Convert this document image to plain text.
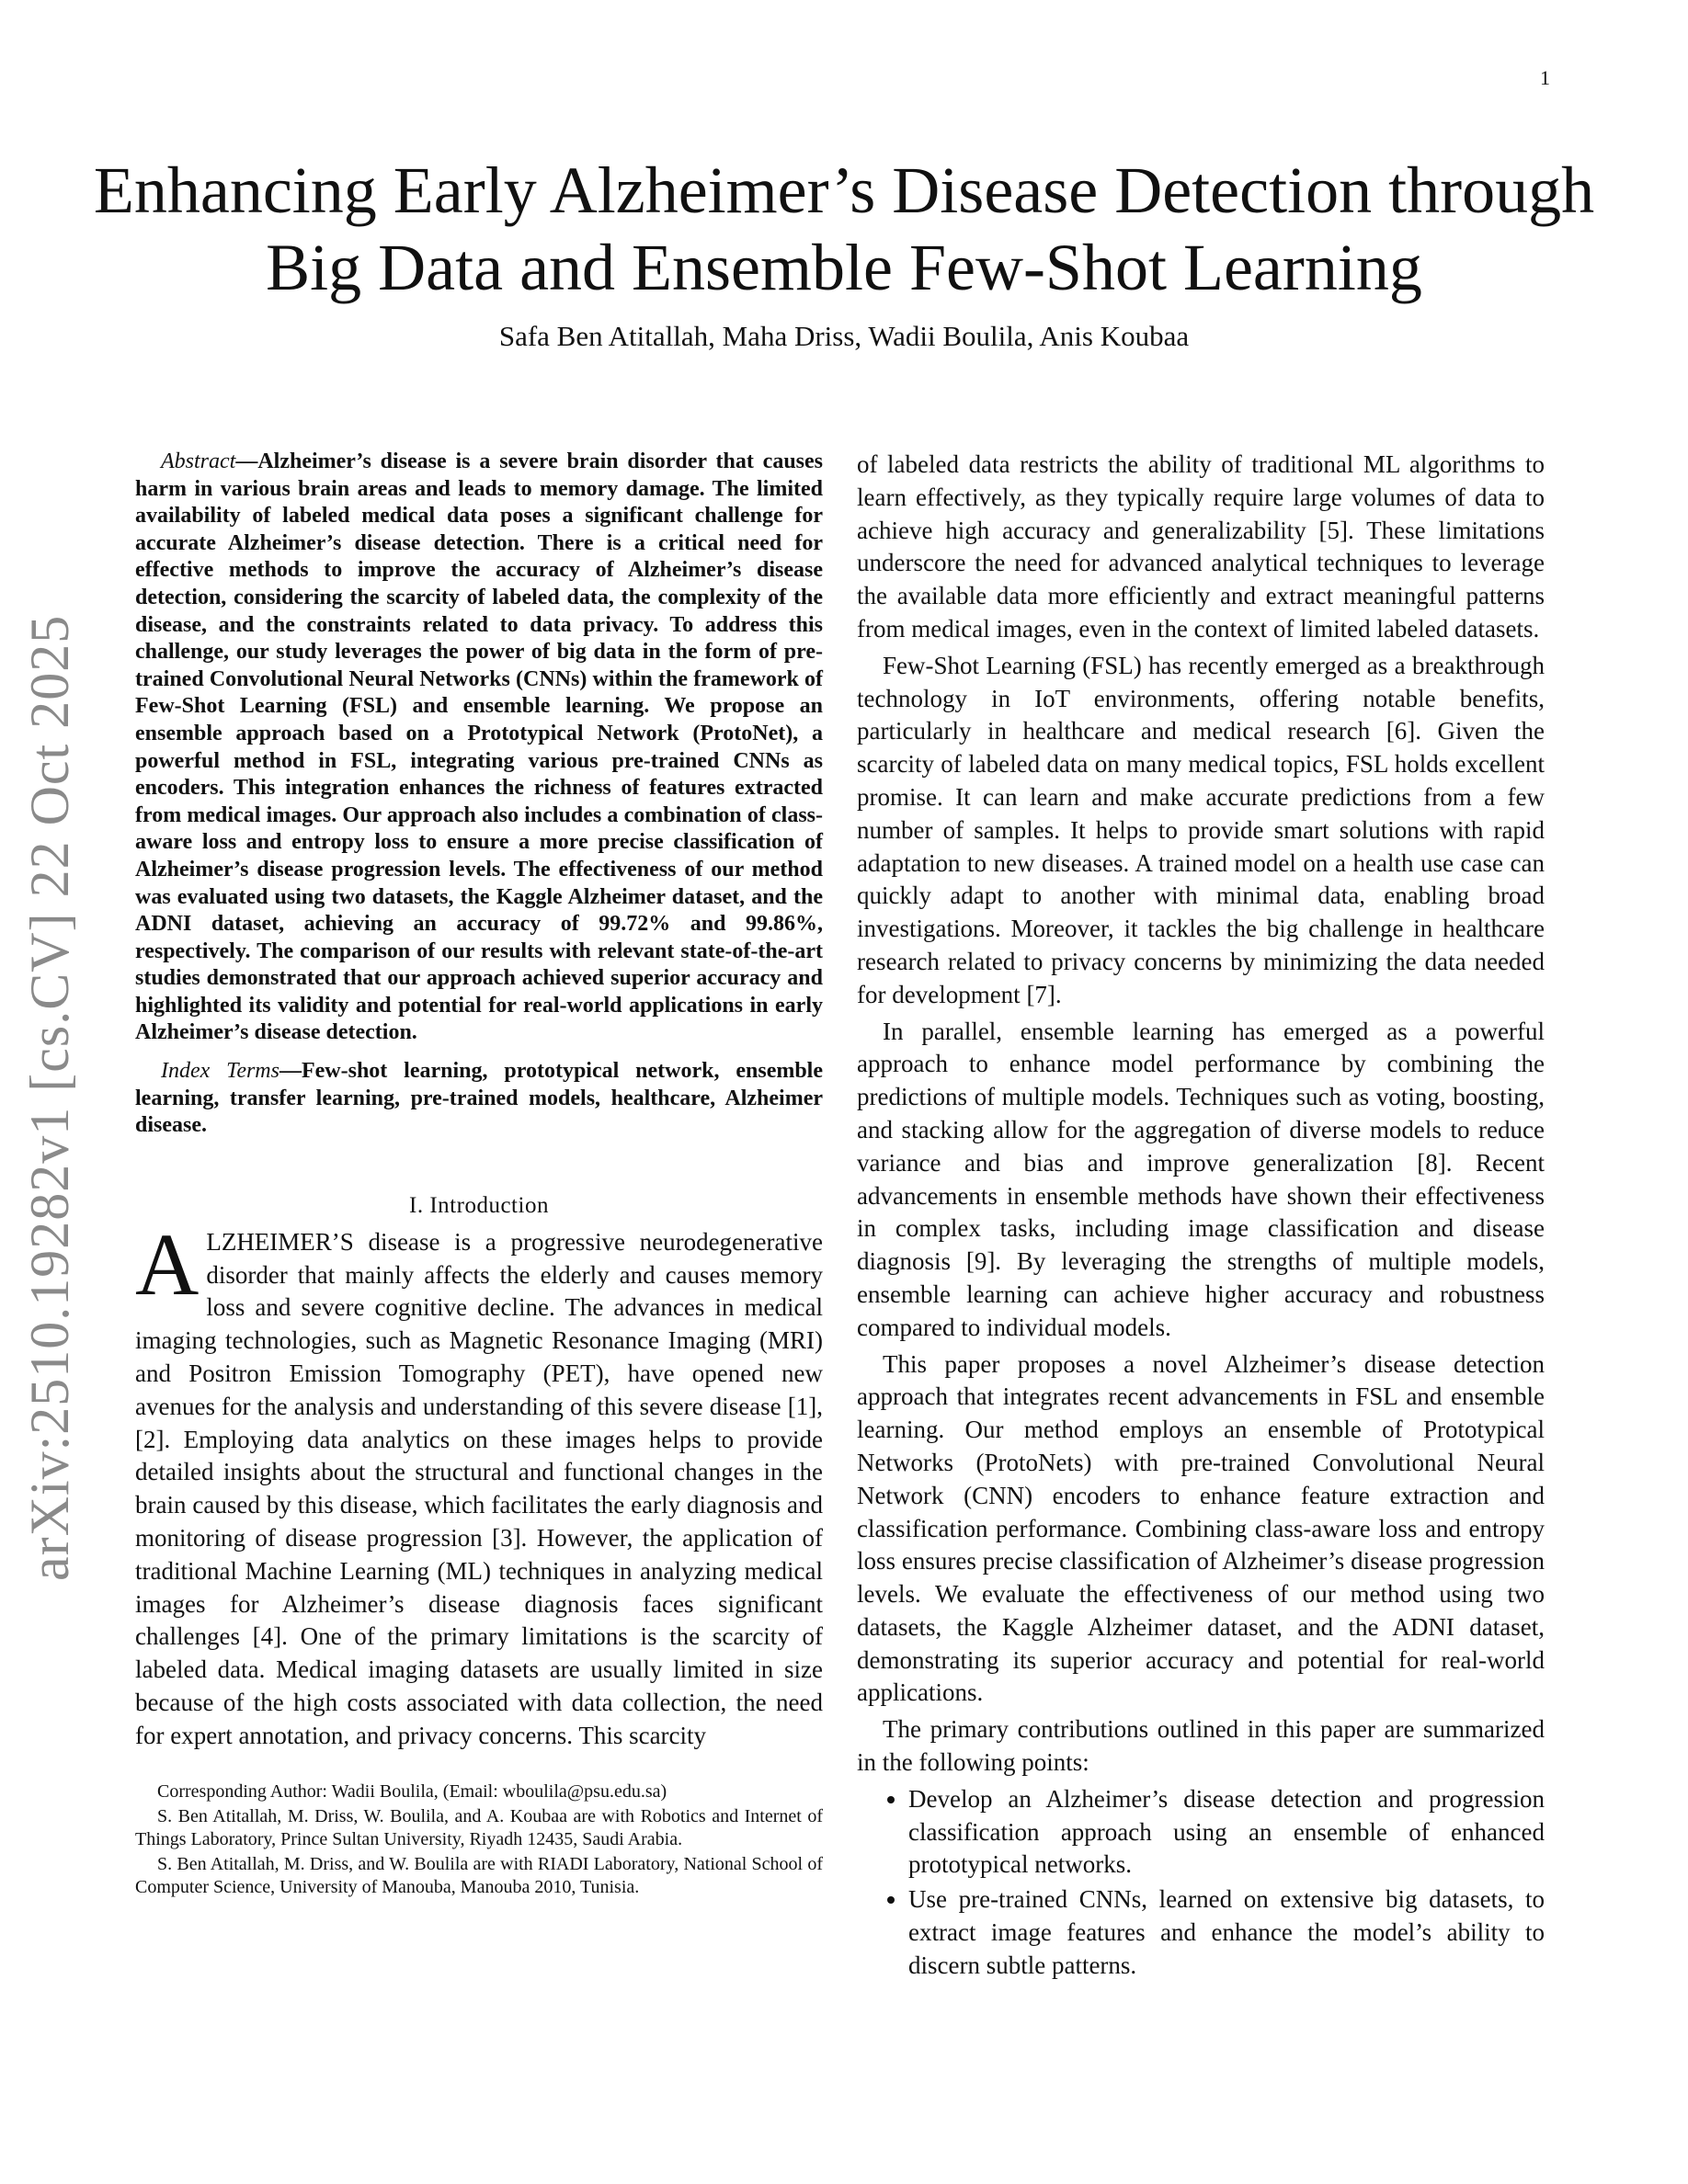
1
arXiv:2510.19282v1 [cs.CV] 22 Oct 2025
Enhancing Early Alzheimer’s Disease Detection through Big Data and Ensemble Few-Shot Learning
Safa Ben Atitallah, Maha Driss, Wadii Boulila, Anis Koubaa

Abstract—Alzheimer’s disease is a severe brain disorder that causes harm in various brain areas and leads to memory damage. The limited availability of labeled medical data poses a significant challenge for accurate Alzheimer’s disease detection. There is a critical need for effective methods to improve the accuracy of Alzheimer’s disease detection, considering the scarcity of labeled data, the complexity of the disease, and the constraints related to data privacy. To address this challenge, our study leverages the power of big data in the form of pre-trained Convolutional Neural Networks (CNNs) within the framework of Few-Shot Learning (FSL) and ensemble learning. We propose an ensemble approach based on a Prototypical Network (ProtoNet), a powerful method in FSL, integrating various pre-trained CNNs as encoders. This integration enhances the richness of features extracted from medical images. Our approach also includes a combination of class-aware loss and entropy loss to ensure a more precise classification of Alzheimer’s disease progression levels. The effectiveness of our method was evaluated using two datasets, the Kaggle Alzheimer dataset, and the ADNI dataset, achieving an accuracy of 99.72% and 99.86%, respectively. The comparison of our results with relevant state-of-the-art studies demonstrated that our approach achieved superior accuracy and highlighted its validity and potential for real-world applications in early Alzheimer’s disease detection.

Index Terms—Few-shot learning, prototypical network, ensemble learning, transfer learning, pre-trained models, healthcare, Alzheimer disease.

I. Introduction

ALZHEIMER’S disease is a progressive neurodegenerative disorder that mainly affects the elderly and causes memory loss and severe cognitive decline. The advances in medical imaging technologies, such as Magnetic Resonance Imaging (MRI) and Positron Emission Tomography (PET), have opened new avenues for the analysis and understanding of this severe disease [1], [2]. Employing data analytics on these images helps to provide detailed insights about the structural and functional changes in the brain caused by this disease, which facilitates the early diagnosis and monitoring of disease progression [3]. However, the application of traditional Machine Learning (ML) techniques in analyzing medical images for Alzheimer’s disease diagnosis faces significant challenges [4]. One of the primary limitations is the scarcity of labeled data. Medical imaging datasets are usually limited in size because of the high costs associated with data collection, the need for expert annotation, and privacy concerns. This scarcity

Corresponding Author: Wadii Boulila, (Email: wboulila@psu.edu.sa)

S. Ben Atitallah, M. Driss, W. Boulila, and A. Koubaa are with Robotics and Internet of Things Laboratory, Prince Sultan University, Riyadh 12435, Saudi Arabia.

S. Ben Atitallah, M. Driss, and W. Boulila are with RIADI Laboratory, National School of Computer Science, University of Manouba, Manouba 2010, Tunisia.

of labeled data restricts the ability of traditional ML algorithms to learn effectively, as they typically require large volumes of data to achieve high accuracy and generalizability [5]. These limitations underscore the need for advanced analytical techniques to leverage the available data more efficiently and extract meaningful patterns from medical images, even in the context of limited labeled datasets.

Few-Shot Learning (FSL) has recently emerged as a breakthrough technology in IoT environments, offering notable benefits, particularly in healthcare and medical research [6]. Given the scarcity of labeled data on many medical topics, FSL holds excellent promise. It can learn and make accurate predictions from a few number of samples. It helps to provide smart solutions with rapid adaptation to new diseases. A trained model on a health use case can quickly adapt to another with minimal data, enabling broad investigations. Moreover, it tackles the big challenge in healthcare research related to privacy concerns by minimizing the data needed for development [7].

In parallel, ensemble learning has emerged as a powerful approach to enhance model performance by combining the predictions of multiple models. Techniques such as voting, boosting, and stacking allow for the aggregation of diverse models to reduce variance and bias and improve generalization [8]. Recent advancements in ensemble methods have shown their effectiveness in complex tasks, including image classification and disease diagnosis [9]. By leveraging the strengths of multiple models, ensemble learning can achieve higher accuracy and robustness compared to individual models.

This paper proposes a novel Alzheimer’s disease detection approach that integrates recent advancements in FSL and ensemble learning. Our method employs an ensemble of Prototypical Networks (ProtoNets) with pre-trained Convolutional Neural Network (CNN) encoders to enhance feature extraction and classification performance. Combining class-aware loss and entropy loss ensures precise classification of Alzheimer’s disease progression levels. We evaluate the effectiveness of our method using two datasets, the Kaggle Alzheimer dataset, and the ADNI dataset, demonstrating its superior accuracy and potential for real-world applications.

The primary contributions outlined in this paper are summarized in the following points:

• Develop an Alzheimer’s disease detection and progression classification approach using an ensemble of enhanced prototypical networks.
• Use pre-trained CNNs, learned on extensive big datasets, to extract image features and enhance the model’s ability to discern subtle patterns.
